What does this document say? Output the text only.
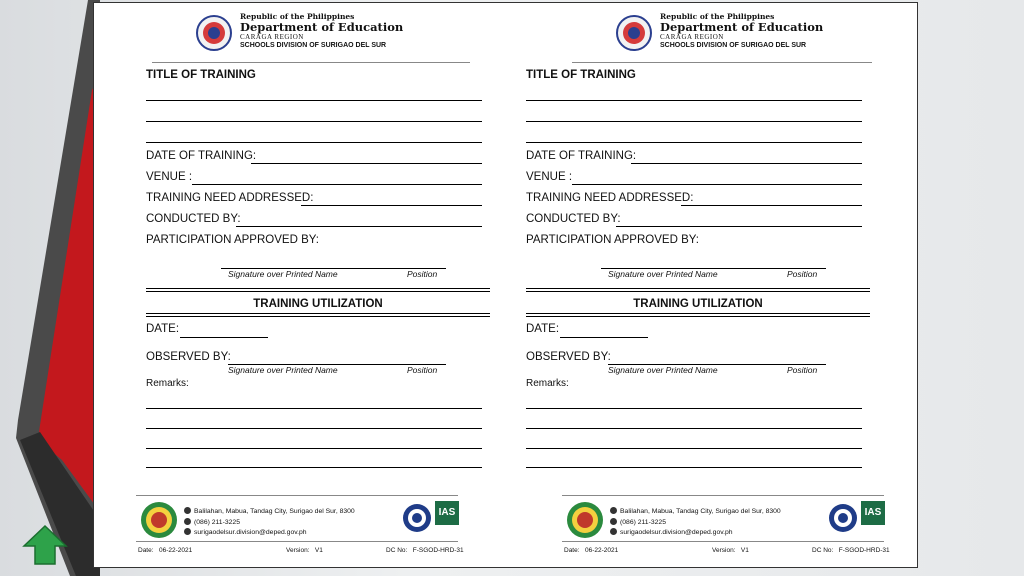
Republic of the Philippines
Department of Education
CARAGA REGION
SCHOOLS DIVISION OF SURIGAO DEL SUR
TITLE OF TRAINING
DATE OF TRAINING:
VENUE :
TRAINING NEED ADDRESSED:
CONDUCTED BY:
PARTICIPATION APPROVED BY:
Signature over Printed Name	Position
TRAINING UTILIZATION
DATE:
OBSERVED BY:
Signature over Printed Name	Position
Remarks:
Balilahan, Mabua, Tandag City, Surigao del Sur, 8300
(086) 211-3225
surigaodelsur.division@deped.gov.ph
IAS
Date: 06-22-2021	Version: V1	DC No: F-SGOD-HRD-31
Republic of the Philippines
Department of Education
CARAGA REGION
SCHOOLS DIVISION OF SURIGAO DEL SUR
TITLE OF TRAINING
DATE OF TRAINING:
VENUE :
TRAINING NEED ADDRESSED:
CONDUCTED BY:
PARTICIPATION APPROVED BY:
Signature over Printed Name	Position
TRAINING UTILIZATION
DATE:
OBSERVED BY:
Signature over Printed Name	Position
Remarks:
Balilahan, Mabua, Tandag City, Surigao del Sur, 8300
(086) 211-3225
surigaodelsur.division@deped.gov.ph
IAS
Date: 06-22-2021	Version: V1	DC No: F-SGOD-HRD-31
